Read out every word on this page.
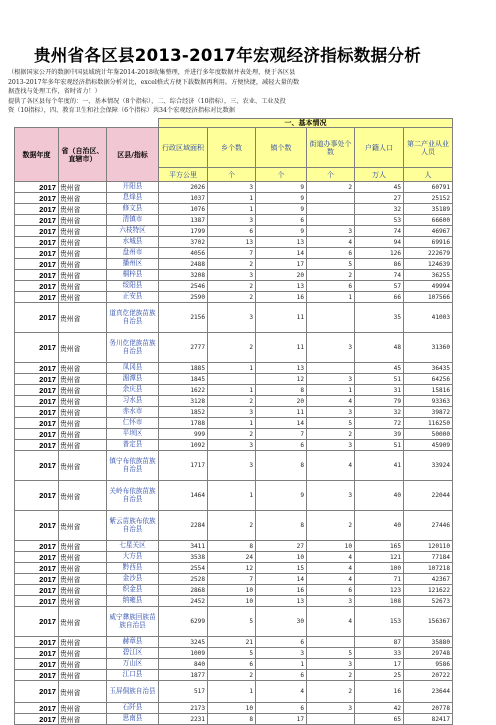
贵州省各区县2013-2017年宏观经济指标数据分析

（根据国家公开的数据中国县域统计年鉴2014-2018收集整理，并进行多年度数据并表处理，便于各区县

2013-2017年多年宏观经济指标数据分析对比，excel格式方便下载数据再利用。方便快捷，减轻大量的数

据查找与处理工作，省时省力！）

提供了各区县每个年度的：一、基本情况（8个指标），二、综合经济（10指标），三、农业、工业及投

资（10指标），四、教育卫生和社会保障（6个指标）共34个宏观经济指标对比数据

			一、基本情况					
数据年度	省（自治区、直辖市）	区县/指标	行政区域面积	乡个数	镇个数	街道办事处个数	户籍人口	第二产业从业人员
			平方公里	个	个	个	万人	人
2017	贵州省	开阳县	2026	3	9	2	45	60791
2017	贵州省	息烽县	1037	1	9		27	25152
2017	贵州省	修文县	1076	1	9		32	35189
2017	贵州省	清镇市	1387	3	6		53	66600
2017	贵州省	六枝特区	1799	6	9	3	74	46967
2017	贵州省	水城县	3702	13	13	4	94	69916
2017	贵州省	盘州市	4056	7	14	6	126	222679
2017	贵州省	播州区	2488	2	17	5	86	124639
2017	贵州省	桐梓县	3208	3	20	2	74	36255
2017	贵州省	绥阳县	2546	2	13	6	57	49994
2017	贵州省	正安县	2590	2	16	1	66	107566
2017	贵州省	道真仡佬族苗族自治县	2156	3	11		35	41003
2017	贵州省	务川仡佬族苗族自治县	2777	2	11	3	48	31360
2017	贵州省	凤冈县	1885	1	13		45	36435
2017	贵州省	湄潭县	1845		12	3	51	64256
2017	贵州省	余庆县	1622	1	8	1	31	15816
2017	贵州省	习水县	3128	2	20	4	79	93363
2017	贵州省	赤水市	1852	3	11	3	32	39872
2017	贵州省	仁怀市	1788	1	14	5	72	116250
2017	贵州省	平坝区	999	2	7	2	39	50000
2017	贵州省	普定县	1092	3	6	3	51	45909
2017	贵州省	镇宁布依族苗族自治县	1717	3	8	4	41	33924
2017	贵州省	关岭布依族苗族自治县	1464	1	9	3	40	22044
2017	贵州省	紫云苗族布依族自治县	2284	2	8	2	40	27446
2017	贵州省	七星关区	3411	8	27	10	165	120110
2017	贵州省	大方县	3538	24	10	4	121	77184
2017	贵州省	黔西县	2554	12	15	4	100	107218
2017	贵州省	金沙县	2528	7	14	4	71	42367
2017	贵州省	织金县	2868	10	16	6	123	121622
2017	贵州省	纳雍县	2452	10	13	3	108	52673
2017	贵州省	威宁彝族回族苗族自治县	6299	5	30	4	153	156367
2017	贵州省	赫章县	3245	21	6		87	35880
2017	贵州省	碧江区	1009	5	3	5	33	29748
2017	贵州省	万山区	840	6	1	3	17	9586
2017	贵州省	江口县	1877	2	6	2	25	20722
2017	贵州省	玉屏侗族自治县	517	1	4	2	16	23644
2017	贵州省	石阡县	2173	10	6	3	42	20778
2017	贵州省	思南县	2231	8	17		65	82417
